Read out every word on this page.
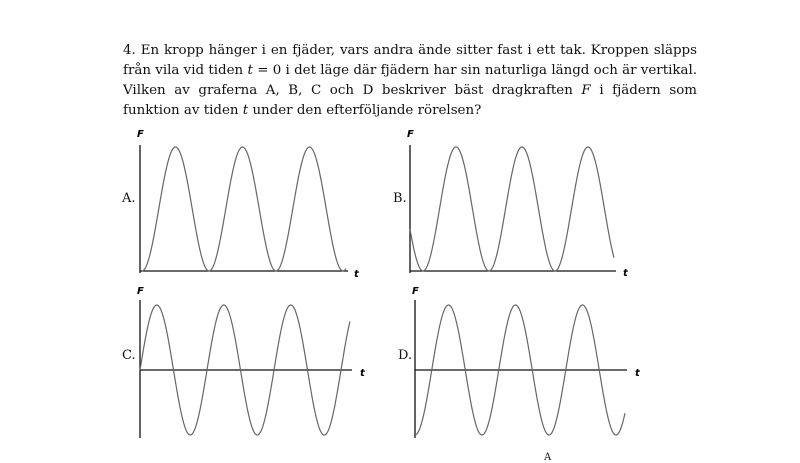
4. En kropp hänger i en fjäder, vars andra ände sitter fast i ett tak. Kroppen släpps från vila vid tiden t = 0 i det läge där fjädern har sin naturliga längd och är vertikal. Vilken av graferna A, B, C och D beskriver bäst dragkraften F i fjädern som funktion av tiden t under den efterföljande rörelsen?

A.
F
t
B.
F
t
C.
F
t
D.
F
t
A
